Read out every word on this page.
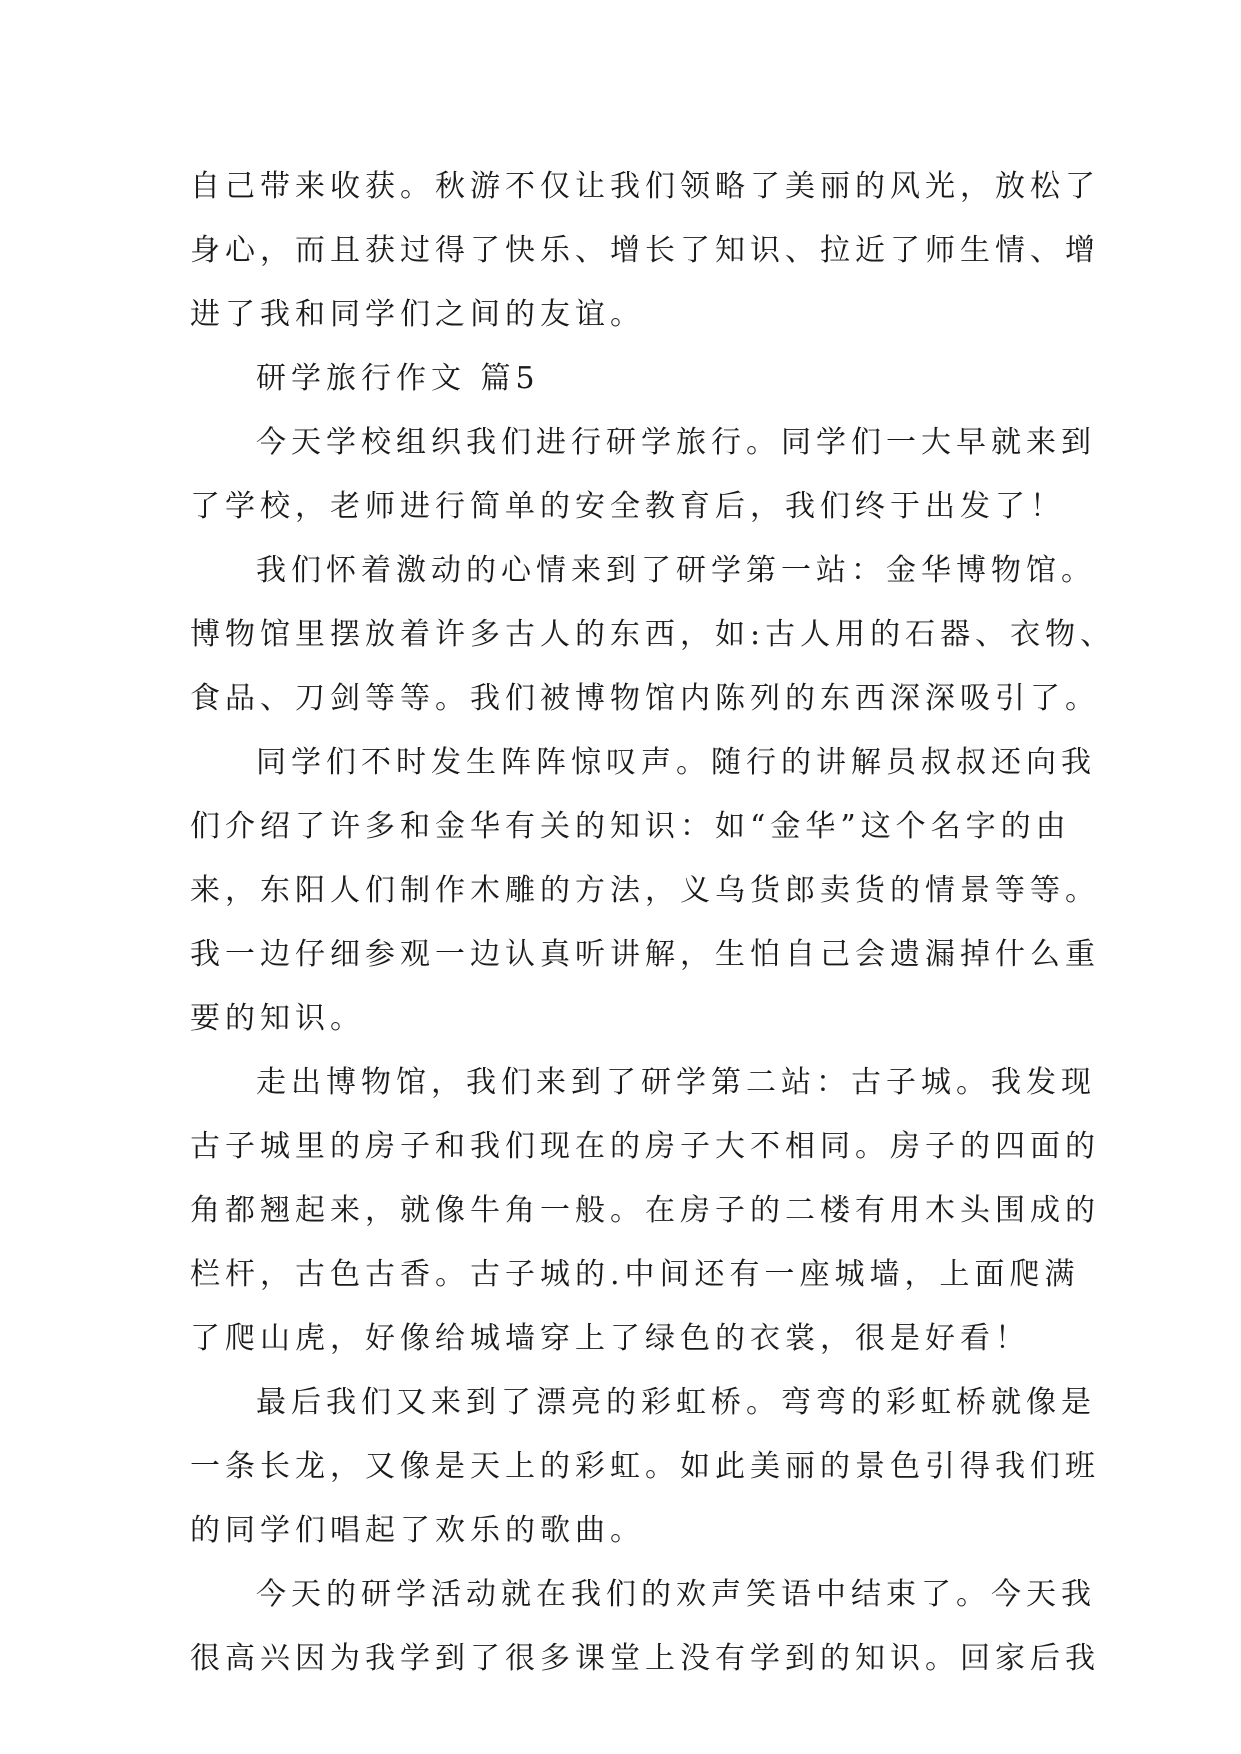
自己带来收获。秋游不仅让我们领略了美丽的风光，放松了
身心，而且获过得了快乐、增长了知识、拉近了师生情、增
进了我和同学们之间的友谊。
研学旅行作文 篇5
今天学校组织我们进行研学旅行。同学们一大早就来到
了学校，老师进行简单的安全教育后，我们终于出发了！
我们怀着激动的心情来到了研学第一站：金华博物馆。
博物馆里摆放着许多古人的东西，如:古人用的石器、衣物、
食品、刀剑等等。我们被博物馆内陈列的东西深深吸引了。
同学们不时发生阵阵惊叹声。随行的讲解员叔叔还向我
们介绍了许多和金华有关的知识：如“金华”这个名字的由
来，东阳人们制作木雕的方法，义乌货郎卖货的情景等等。
我一边仔细参观一边认真听讲解，生怕自己会遗漏掉什么重
要的知识。
走出博物馆，我们来到了研学第二站：古子城。我发现
古子城里的房子和我们现在的房子大不相同。房子的四面的
角都翘起来，就像牛角一般。在房子的二楼有用木头围成的
栏杆，古色古香。古子城的.中间还有一座城墙，上面爬满
了爬山虎，好像给城墙穿上了绿色的衣裳，很是好看！
最后我们又来到了漂亮的彩虹桥。弯弯的彩虹桥就像是
一条长龙，又像是天上的彩虹。如此美丽的景色引得我们班
的同学们唱起了欢乐的歌曲。
今天的研学活动就在我们的欢声笑语中结束了。今天我
很高兴因为我学到了很多课堂上没有学到的知识。回家后我
